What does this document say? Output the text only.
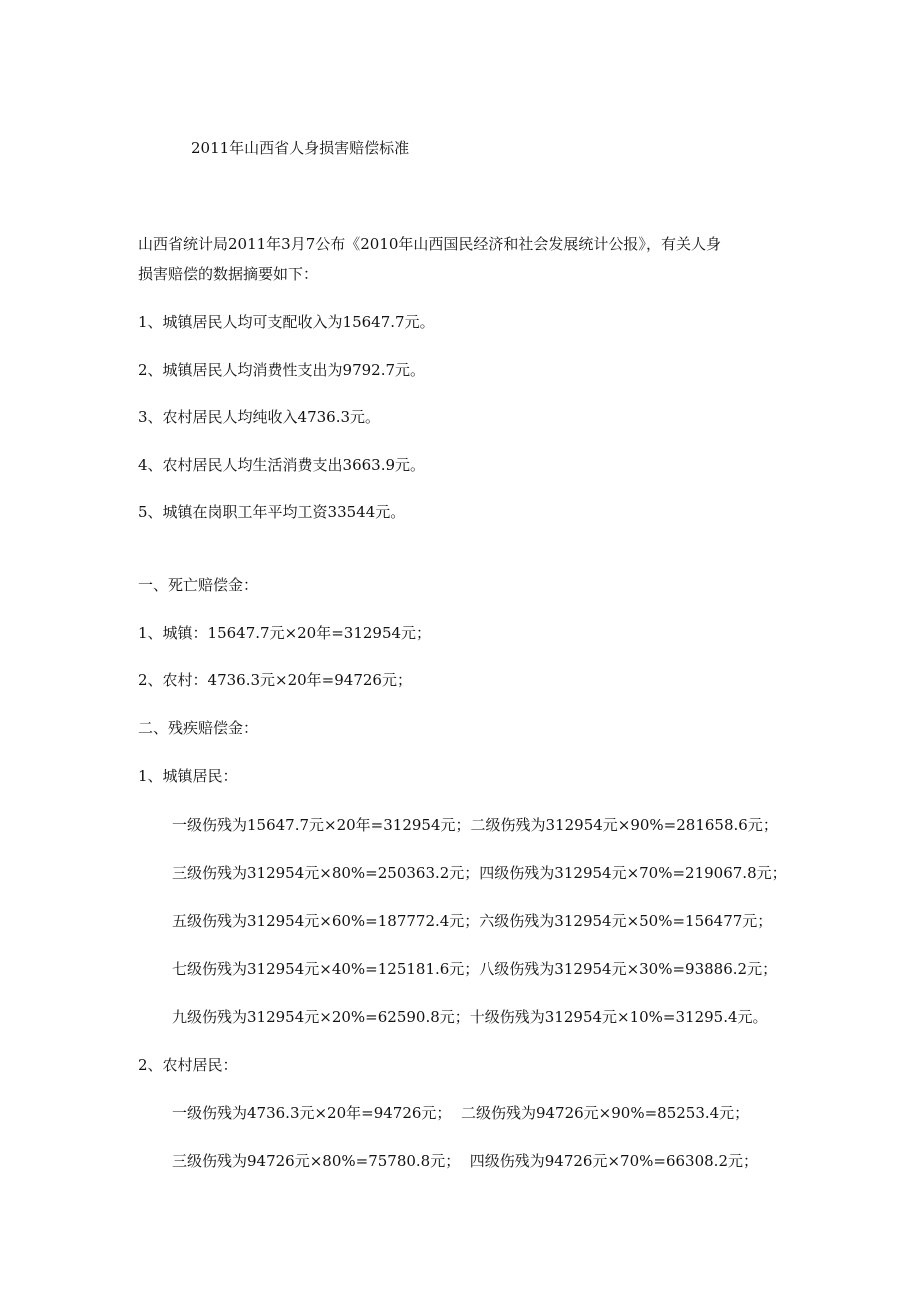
2011年山西省人身损害赔偿标准
山西省统计局2011年3月7公布《2010年山西国民经济和社会发展统计公报》，有关人身
损害赔偿的数据摘要如下：
1、城镇居民人均可支配收入为15647.7元。
2、城镇居民人均消费性支出为9792.7元。
3、农村居民人均纯收入4736.3元。
4、农村居民人均生活消费支出3663.9元。
5、城镇在岗职工年平均工资33544元。
一、死亡赔偿金：
1、城镇：15647.7元×20年=312954元；
2、农村：4736.3元×20年=94726元；
二、残疾赔偿金：
1、城镇居民：
一级伤残为15647.7元×20年=312954元；二级伤残为312954元×90%=281658.6元；
三级伤残为312954元×80%=250363.2元；四级伤残为312954元×70%=219067.8元；
五级伤残为312954元×60%=187772.4元；六级伤残为312954元×50%=156477元；
七级伤残为312954元×40%=125181.6元；八级伤残为312954元×30%=93886.2元；
九级伤残为312954元×20%=62590.8元；十级伤残为312954元×10%=31295.4元。
2、农村居民：
一级伤残为4736.3元×20年=94726元；  二级伤残为94726元×90%=85253.4元；
三级伤残为94726元×80%=75780.8元；  四级伤残为94726元×70%=66308.2元；
